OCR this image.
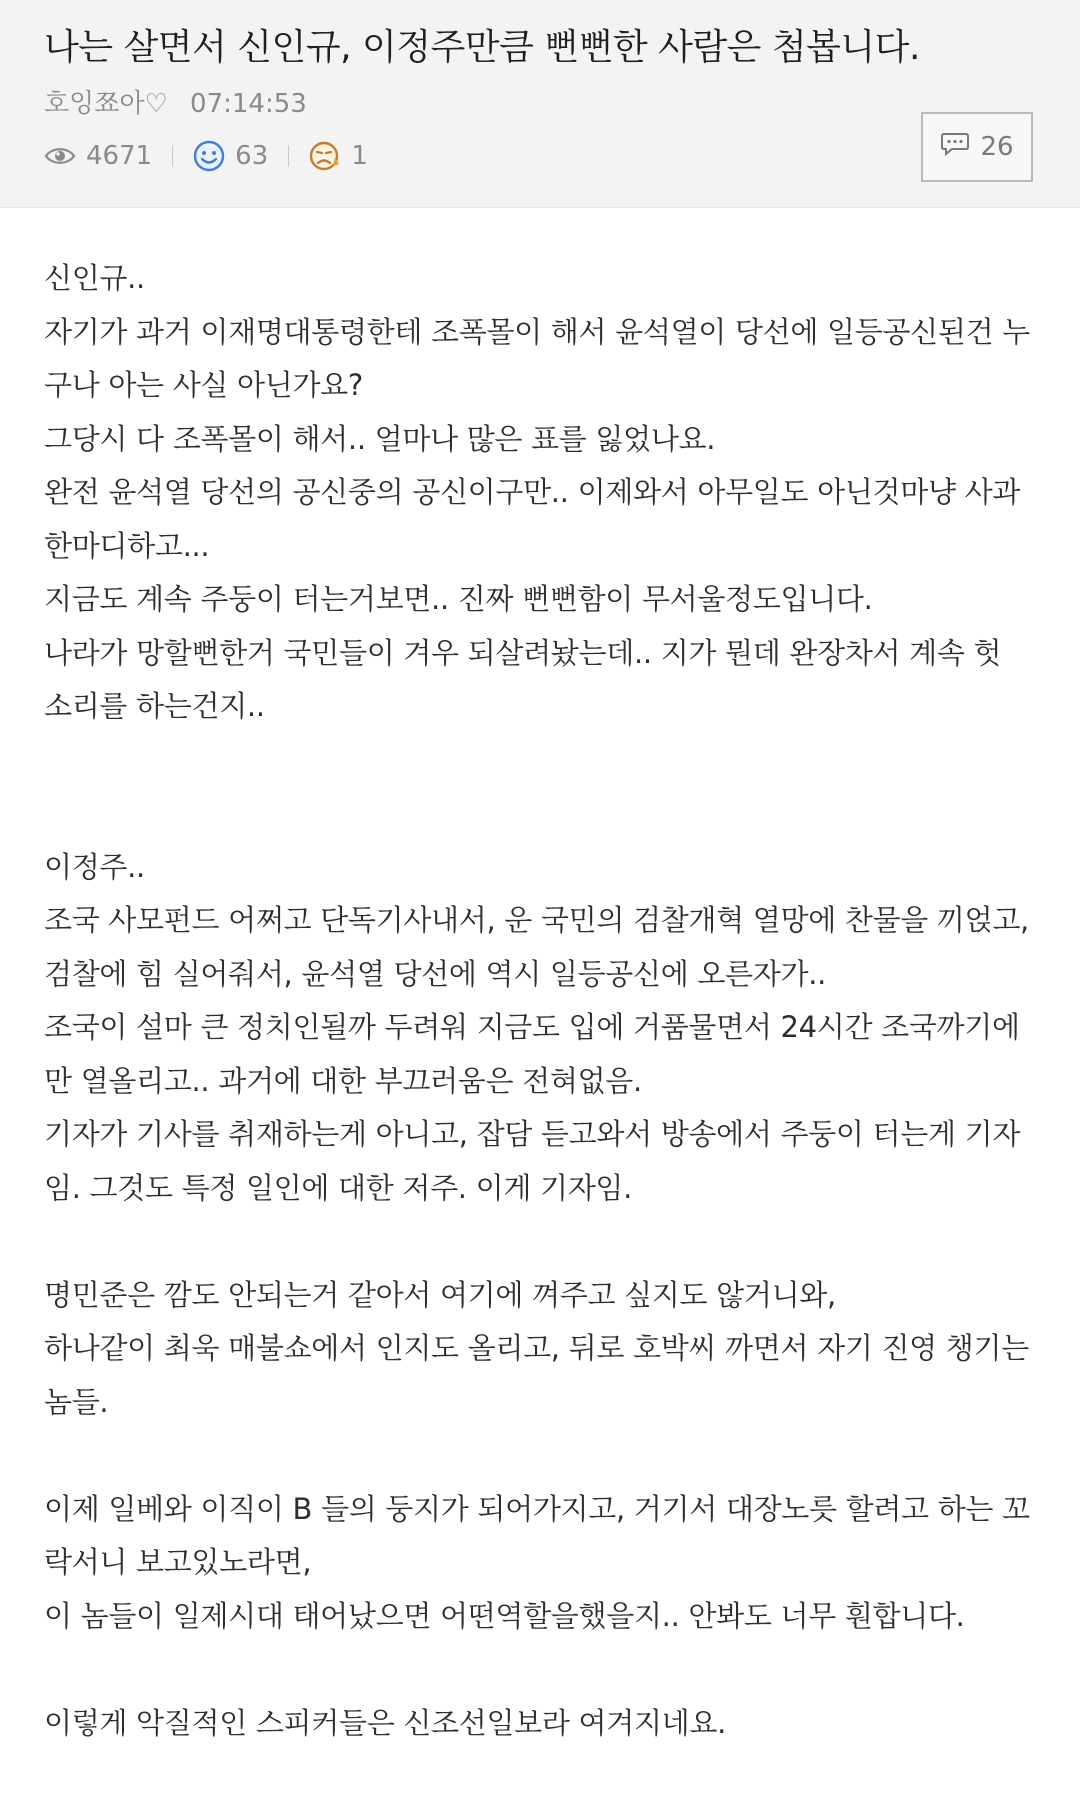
나는 살면서 신인규, 이정주만큼 뻔뻔한 사람은 첨봅니다.
호잉쬬아♡ 07:14:53
4671	63	1	26

신인규..

자기가 과거 이재명대통령한테 조폭몰이 해서 윤석열이 당선에 일등공신된건 누

구나 아는 사실 아닌가요?

그당시 다 조폭몰이 해서.. 얼마나 많은 표를 잃었나요.

완전 윤석열 당선의 공신중의 공신이구만.. 이제와서 아무일도 아닌것마냥 사과

한마디하고...

지금도 계속 주둥이 터는거보면.. 진짜 뻔뻔함이 무서울정도입니다.

나라가 망할뻔한거 국민들이 겨우 되살려놨는데.. 지가 뭔데 완장차서 계속 헛

소리를 하는건지..

이정주..

조국 사모펀드 어쩌고 단독기사내서, 운 국민의 검찰개혁 열망에 찬물을 끼얹고,

검찰에 힘 실어줘서, 윤석열 당선에 역시 일등공신에 오른자가..

조국이 설마 큰 정치인될까 두려워 지금도 입에 거품물면서 24시간 조국까기에

만 열올리고.. 과거에 대한 부끄러움은 전혀없음.

기자가 기사를 취재하는게 아니고, 잡담 듣고와서 방송에서 주둥이 터는게 기자

임. 그것도 특정 일인에 대한 저주. 이게 기자임.

명민준은 깜도 안되는거 같아서 여기에 껴주고 싶지도 않거니와,

하나같이 최욱 매불쇼에서 인지도 올리고, 뒤로 호박씨 까면서 자기 진영 챙기는

놈들.

이제 일베와 이직이 B 들의 둥지가 되어가지고, 거기서 대장노릇 할려고 하는 꼬

락서니 보고있노라면,

이 놈들이 일제시대 태어났으면 어떤역할을했을지.. 안봐도 너무 훤합니다.

이렇게 악질적인 스피커들은 신조선일보라 여겨지네요.
